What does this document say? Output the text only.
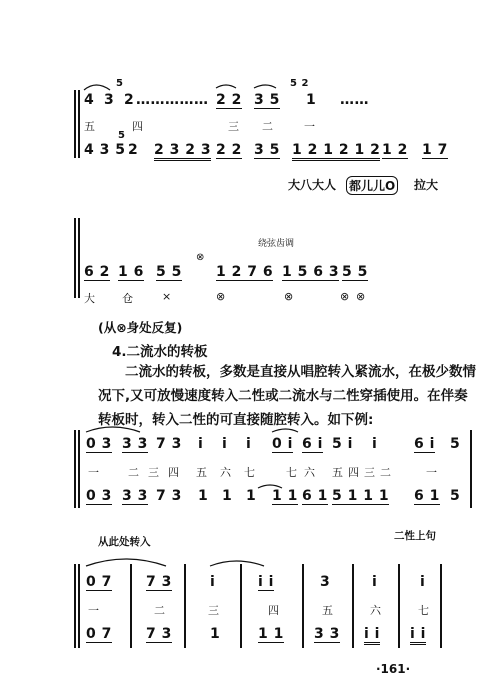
4 3
5
2 …………… 2 2 3 5
5 2
1 ……
五	四	三 二	一
4 3 5
5
2 2 3 2 3 2 2 3 5 1 2 1 2 1 2 1 2 1 7
大八大人 都儿儿O 拉大
绕弦齿调
⊗
6 2 1 6 5 5 1 2 7 6 1 5 6 3 5 5
大 仓	×	⊗	⊗	⊗ ⊗
(从⊗身处反复)
4.二流水的转板
二流水的转板，多数是直接从唱腔转入紧流水，在极少数情况下,又可放慢速度转入二性或二流水与二性穿插使用。在伴奏转板时，转入二性的可直接随腔转入。如下例:
0 3 3 3 7 3 i i i 0 i 6 i 5 i i	6 i 5
一	二 三 四 五 六 七	七 六 五 四 三 二	一
0 3 3 3 7 3 1 1 1 1 1 6 1 5 1 1 1 6 1 5
从此处转入	二性上句
0 7 7 3	i	i i	3	i	i
一	二	三	四	五	六	七
0 7 7 3	1	1 1 3 3 i i i i
·161·
